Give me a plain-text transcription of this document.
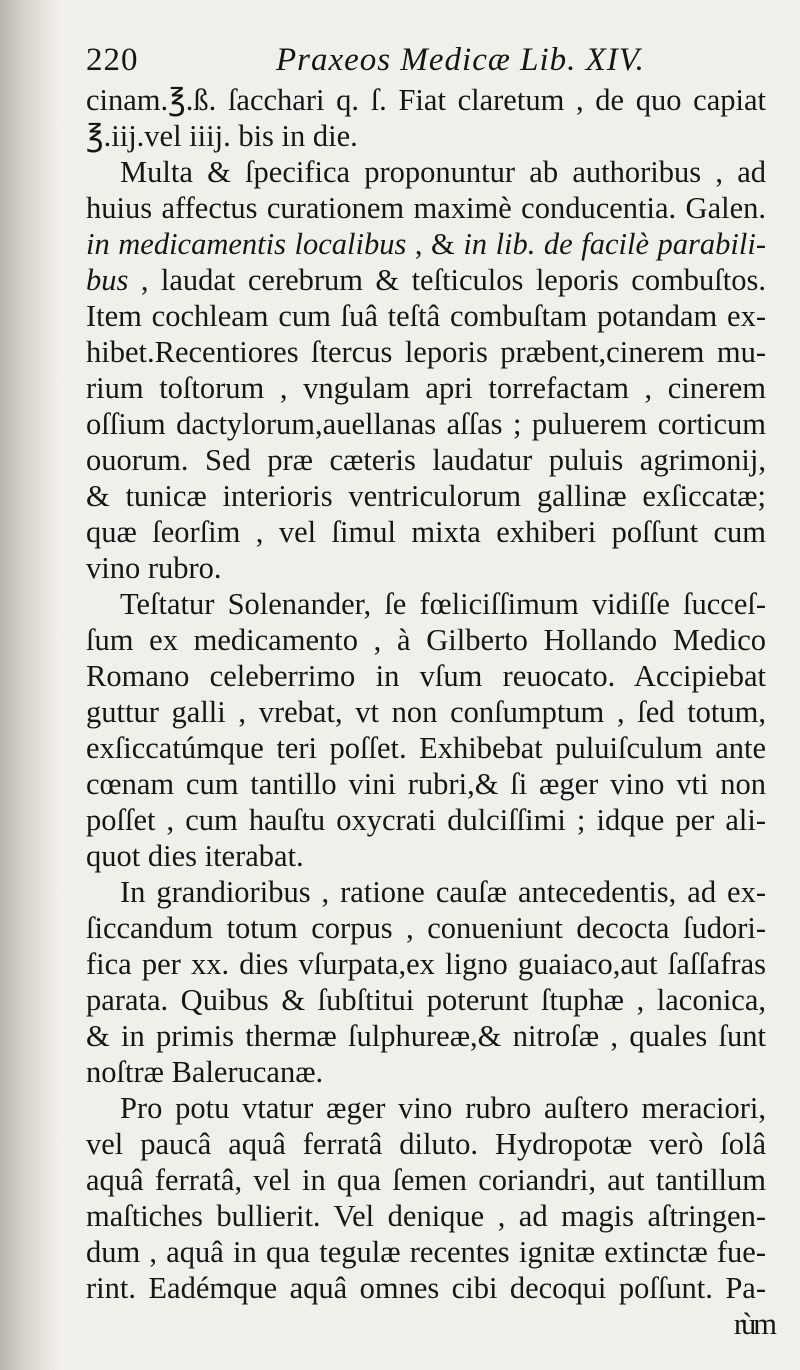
220	Praxeos Medicæ Lib. XIV.
cinam.℥.ß. ſacchari q. ſ. Fiat claretum , de quo capiat
℥.iij.vel iiij. bis in die.
Multa & ſpecifica proponuntur ab authoribus , ad
huius affectus curationem maximè conducentia. Galen.
in medicamentis localibus , & in lib. de facilè parabili-
bus , laudat cerebrum & teſticulos leporis combuſtos.
Item cochleam cum ſuâ teſtâ combuſtam potandam ex-
hibet.Recentiores ſtercus leporis præbent,cinerem mu-
rium toſtorum , vngulam apri torrefactam , cinerem
oſſium dactylorum,auellanas aſſas ; puluerem corticum
ouorum. Sed præ cæteris laudatur puluis agrimonij,
& tunicæ interioris ventriculorum gallinæ exſiccatæ;
quæ ſeorſim , vel ſimul mixta exhiberi poſſunt cum
vino rubro.
Teſtatur Solenander, ſe fœliciſſimum vidiſſe ſucceſ-
ſum ex medicamento , à Gilberto Hollando Medico
Romano celeberrimo in vſum reuocato. Accipiebat
guttur galli , vrebat, vt non conſumptum , ſed totum,
exſiccatúmque teri poſſet. Exhibebat puluiſculum ante
cœnam cum tantillo vini rubri,& ſi æger vino vti non
poſſet , cum hauſtu oxycrati dulciſſimi ; idque per ali-
quot dies iterabat.
In grandioribus , ratione cauſæ antecedentis, ad ex-
ſiccandum totum corpus , conueniunt decocta ſudori-
fica per xx. dies vſurpata,ex ligno guaiaco,aut ſaſſafras
parata. Quibus & ſubſtitui poterunt ſtuphæ , laconica,
& in primis thermæ ſulphureæ,& nitroſæ , quales ſunt
noſtræ Balerucanæ.
Pro potu vtatur æger vino rubro auſtero meraciori,
vel paucâ aquâ ferratâ diluto. Hydropotæ verò ſolâ
aquâ ferratâ, vel in qua ſemen coriandri, aut tantillum
maſtiches bullierit. Vel denique , ad magis aſtringen-
dum , aquâ in qua tegulæ recentes ignitæ extinctæ fue-
rint. Eadémque aquâ omnes cibi decoqui poſſunt. Pa-
rùm
